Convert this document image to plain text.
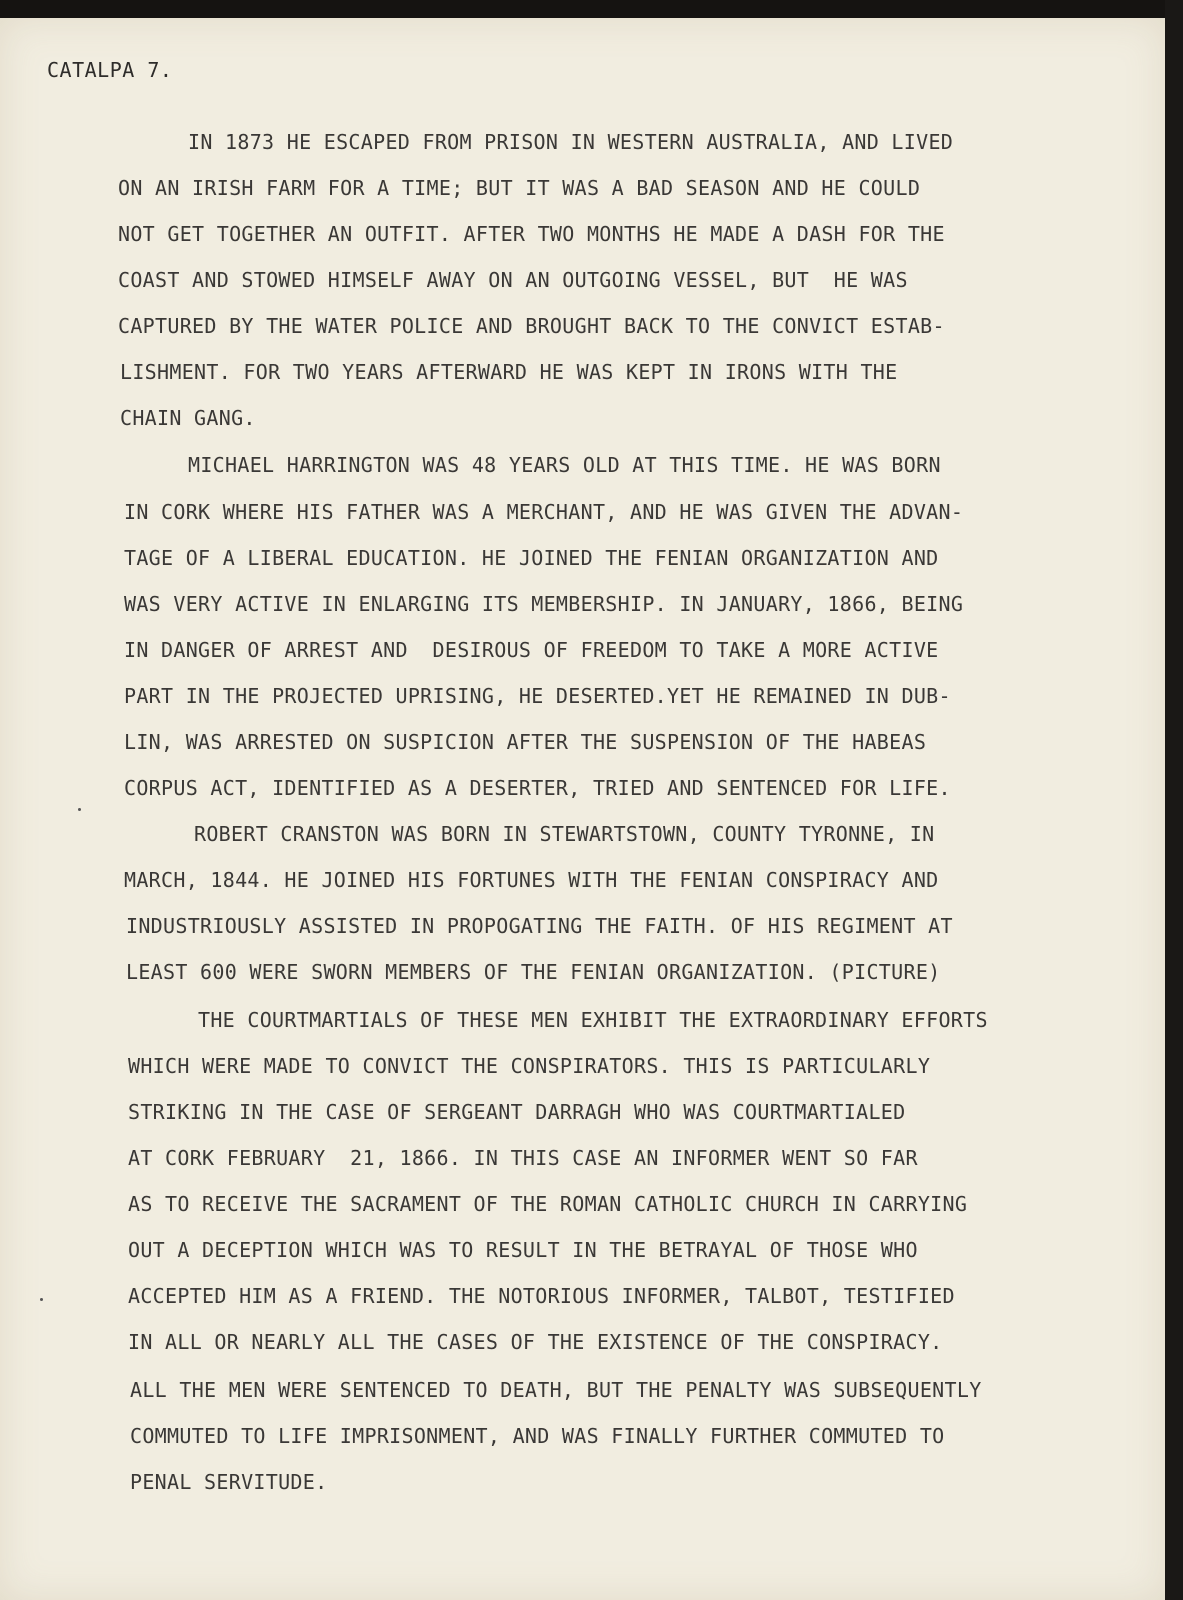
CATALPA 7.
IN 1873 HE ESCAPED FROM PRISON IN WESTERN AUSTRALIA, AND LIVED
ON AN IRISH FARM FOR A TIME; BUT IT WAS A BAD SEASON AND HE COULD
NOT GET TOGETHER AN OUTFIT. AFTER TWO MONTHS HE MADE A DASH FOR THE
COAST AND STOWED HIMSELF AWAY ON AN OUTGOING VESSEL, BUT  HE WAS
CAPTURED BY THE WATER POLICE AND BROUGHT BACK TO THE CONVICT ESTAB-
LISHMENT. FOR TWO YEARS AFTERWARD HE WAS KEPT IN IRONS WITH THE
CHAIN GANG.
MICHAEL HARRINGTON WAS 48 YEARS OLD AT THIS TIME. HE WAS BORN
IN CORK WHERE HIS FATHER WAS A MERCHANT, AND HE WAS GIVEN THE ADVAN-
TAGE OF A LIBERAL EDUCATION. HE JOINED THE FENIAN ORGANIZATION AND
WAS VERY ACTIVE IN ENLARGING ITS MEMBERSHIP. IN JANUARY, 1866, BEING
IN DANGER OF ARREST AND  DESIROUS OF FREEDOM TO TAKE A MORE ACTIVE
PART IN THE PROJECTED UPRISING, HE DESERTED.YET HE REMAINED IN DUB-
LIN, WAS ARRESTED ON SUSPICION AFTER THE SUSPENSION OF THE HABEAS
CORPUS ACT, IDENTIFIED AS A DESERTER, TRIED AND SENTENCED FOR LIFE.
ROBERT CRANSTON WAS BORN IN STEWARTSTOWN, COUNTY TYRONNE, IN
MARCH, 1844. HE JOINED HIS FORTUNES WITH THE FENIAN CONSPIRACY AND
INDUSTRIOUSLY ASSISTED IN PROPOGATING THE FAITH. OF HIS REGIMENT AT
LEAST 600 WERE SWORN MEMBERS OF THE FENIAN ORGANIZATION. (PICTURE)
THE COURTMARTIALS OF THESE MEN EXHIBIT THE EXTRAORDINARY EFFORTS
WHICH WERE MADE TO CONVICT THE CONSPIRATORS. THIS IS PARTICULARLY
STRIKING IN THE CASE OF SERGEANT DARRAGH WHO WAS COURTMARTIALED
AT CORK FEBRUARY  21, 1866. IN THIS CASE AN INFORMER WENT SO FAR
AS TO RECEIVE THE SACRAMENT OF THE ROMAN CATHOLIC CHURCH IN CARRYING
OUT A DECEPTION WHICH WAS TO RESULT IN THE BETRAYAL OF THOSE WHO
ACCEPTED HIM AS A FRIEND. THE NOTORIOUS INFORMER, TALBOT, TESTIFIED
IN ALL OR NEARLY ALL THE CASES OF THE EXISTENCE OF THE CONSPIRACY.
ALL THE MEN WERE SENTENCED TO DEATH, BUT THE PENALTY WAS SUBSEQUENTLY
COMMUTED TO LIFE IMPRISONMENT, AND WAS FINALLY FURTHER COMMUTED TO
PENAL SERVITUDE.
